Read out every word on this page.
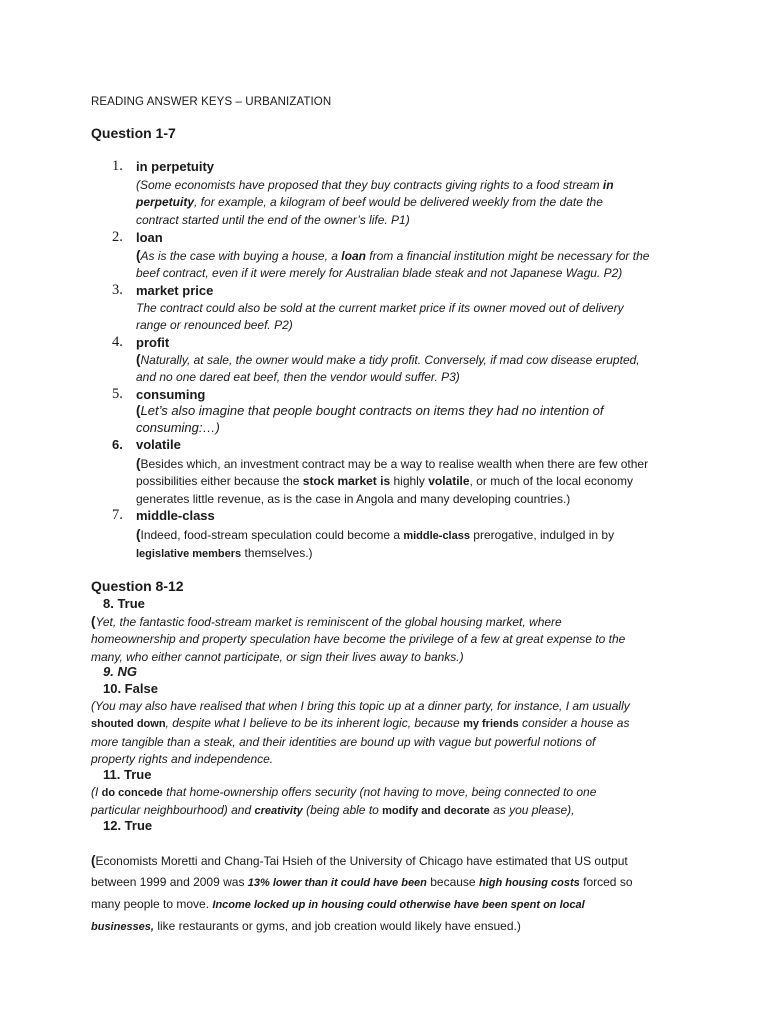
READING ANSWER KEYS – URBANIZATION

Question 1-7

1. in perpetuity
(Some economists have proposed that they buy contracts giving rights to a food stream in
perpetuity, for example, a kilogram of beef would be delivered weekly from the date the
contract started until the end of the owner’s life. P1)
2. loan
(As is the case with buying a house, a loan from a financial institution might be necessary for the
beef contract, even if it were merely for Australian blade steak and not Japanese Wagu. P2)
3. market price
The contract could also be sold at the current market price if its owner moved out of delivery
range or renounced beef. P2)
4. profit
(Naturally, at sale, the owner would make a tidy profit. Conversely, if mad cow disease erupted,
and no one dared eat beef, then the vendor would suffer. P3)
5. consuming
(Let’s also imagine that people bought contracts on items they had no intention of
consuming:…)
6. volatile
(Besides which, an investment contract may be a way to realise wealth when there are few other
possibilities either because the stock market is highly volatile, or much of the local economy
generates little revenue, as is the case in Angola and many developing countries.)
7. middle-class
(Indeed, food-stream speculation could become a middle-class prerogative, indulged in by
legislative members themselves.)

Question 8-12

8. True
(Yet, the fantastic food-stream market is reminiscent of the global housing market, where
homeownership and property speculation have become the privilege of a few at great expense to the
many, who either cannot participate, or sign their lives away to banks.)
9. NG
10. False
(You may also have realised that when I bring this topic up at a dinner party, for instance, I am usually
shouted down, despite what I believe to be its inherent logic, because my friends consider a house as
more tangible than a steak, and their identities are bound up with vague but powerful notions of
property rights and independence.
11. True
(I do concede that home-ownership offers security (not having to move, being connected to one
particular neighbourhood) and creativity (being able to modify and decorate as you please),
12. True
(Economists Moretti and Chang-Tai Hsieh of the University of Chicago have estimated that US output
between 1999 and 2009 was 13% lower than it could have been because high housing costs forced so
many people to move. Income locked up in housing could otherwise have been spent on local
businesses, like restaurants or gyms, and job creation would likely have ensued.)
